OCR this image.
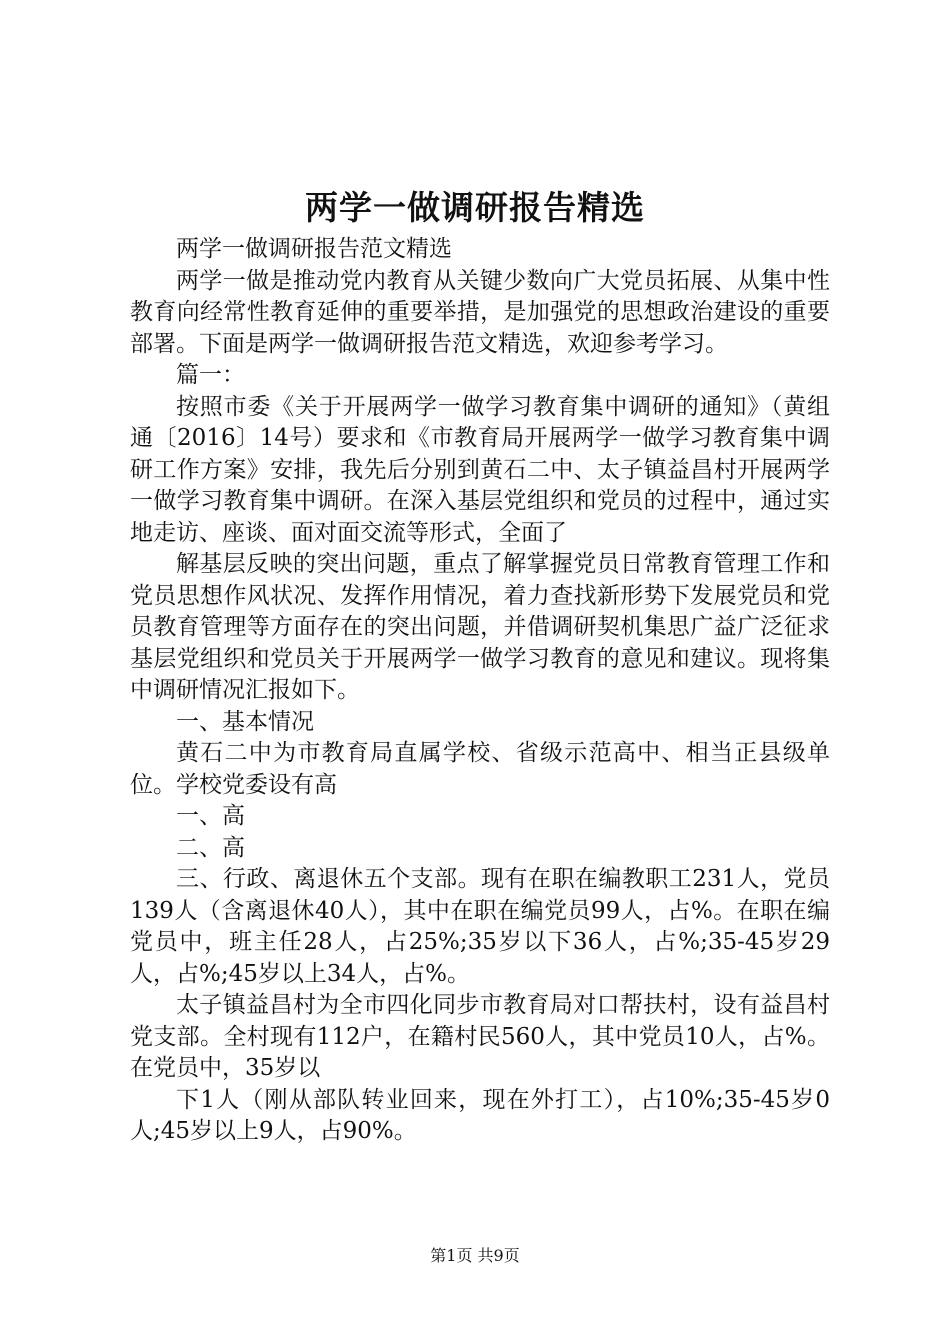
两学一做调研报告精选

两学一做调研报告范文精选

两学一做是推动党内教育从关键少数向广大党员拓展、从集中性教育向经常性教育延伸的重要举措，是加强党的思想政治建设的重要部署。下面是两学一做调研报告范文精选，欢迎参考学习。

篇一：

按照市委《关于开展两学一做学习教育集中调研的通知》（黄组通〔2016〕14号）要求和《市教育局开展两学一做学习教育集中调研工作方案》安排，我先后分别到黄石二中、太子镇益昌村开展两学一做学习教育集中调研。在深入基层党组织和党员的过程中，通过实地走访、座谈、面对面交流等形式，全面了

解基层反映的突出问题，重点了解掌握党员日常教育管理工作和党员思想作风状况、发挥作用情况，着力查找新形势下发展党员和党员教育管理等方面存在的突出问题，并借调研契机集思广益广泛征求基层党组织和党员关于开展两学一做学习教育的意见和建议。现将集中调研情况汇报如下。

一、基本情况

黄石二中为市教育局直属学校、省级示范高中、相当正县级单位。学校党委设有高

一、高

二、高

三、行政、离退休五个支部。现有在职在编教职工231人，党员139人（含离退休40人），其中在职在编党员99人，占%。在职在编党员中，班主任28人，占25%;35岁以下36人，占%;35-45岁29人，占%;45岁以上34人，占%。

太子镇益昌村为全市四化同步市教育局对口帮扶村，设有益昌村党支部。全村现有112户，在籍村民560人，其中党员10人，占%。在党员中，35岁以

下1人（刚从部队转业回来，现在外打工），占10%;35-45岁0人;45岁以上9人，占90%。

第1页 共9页
